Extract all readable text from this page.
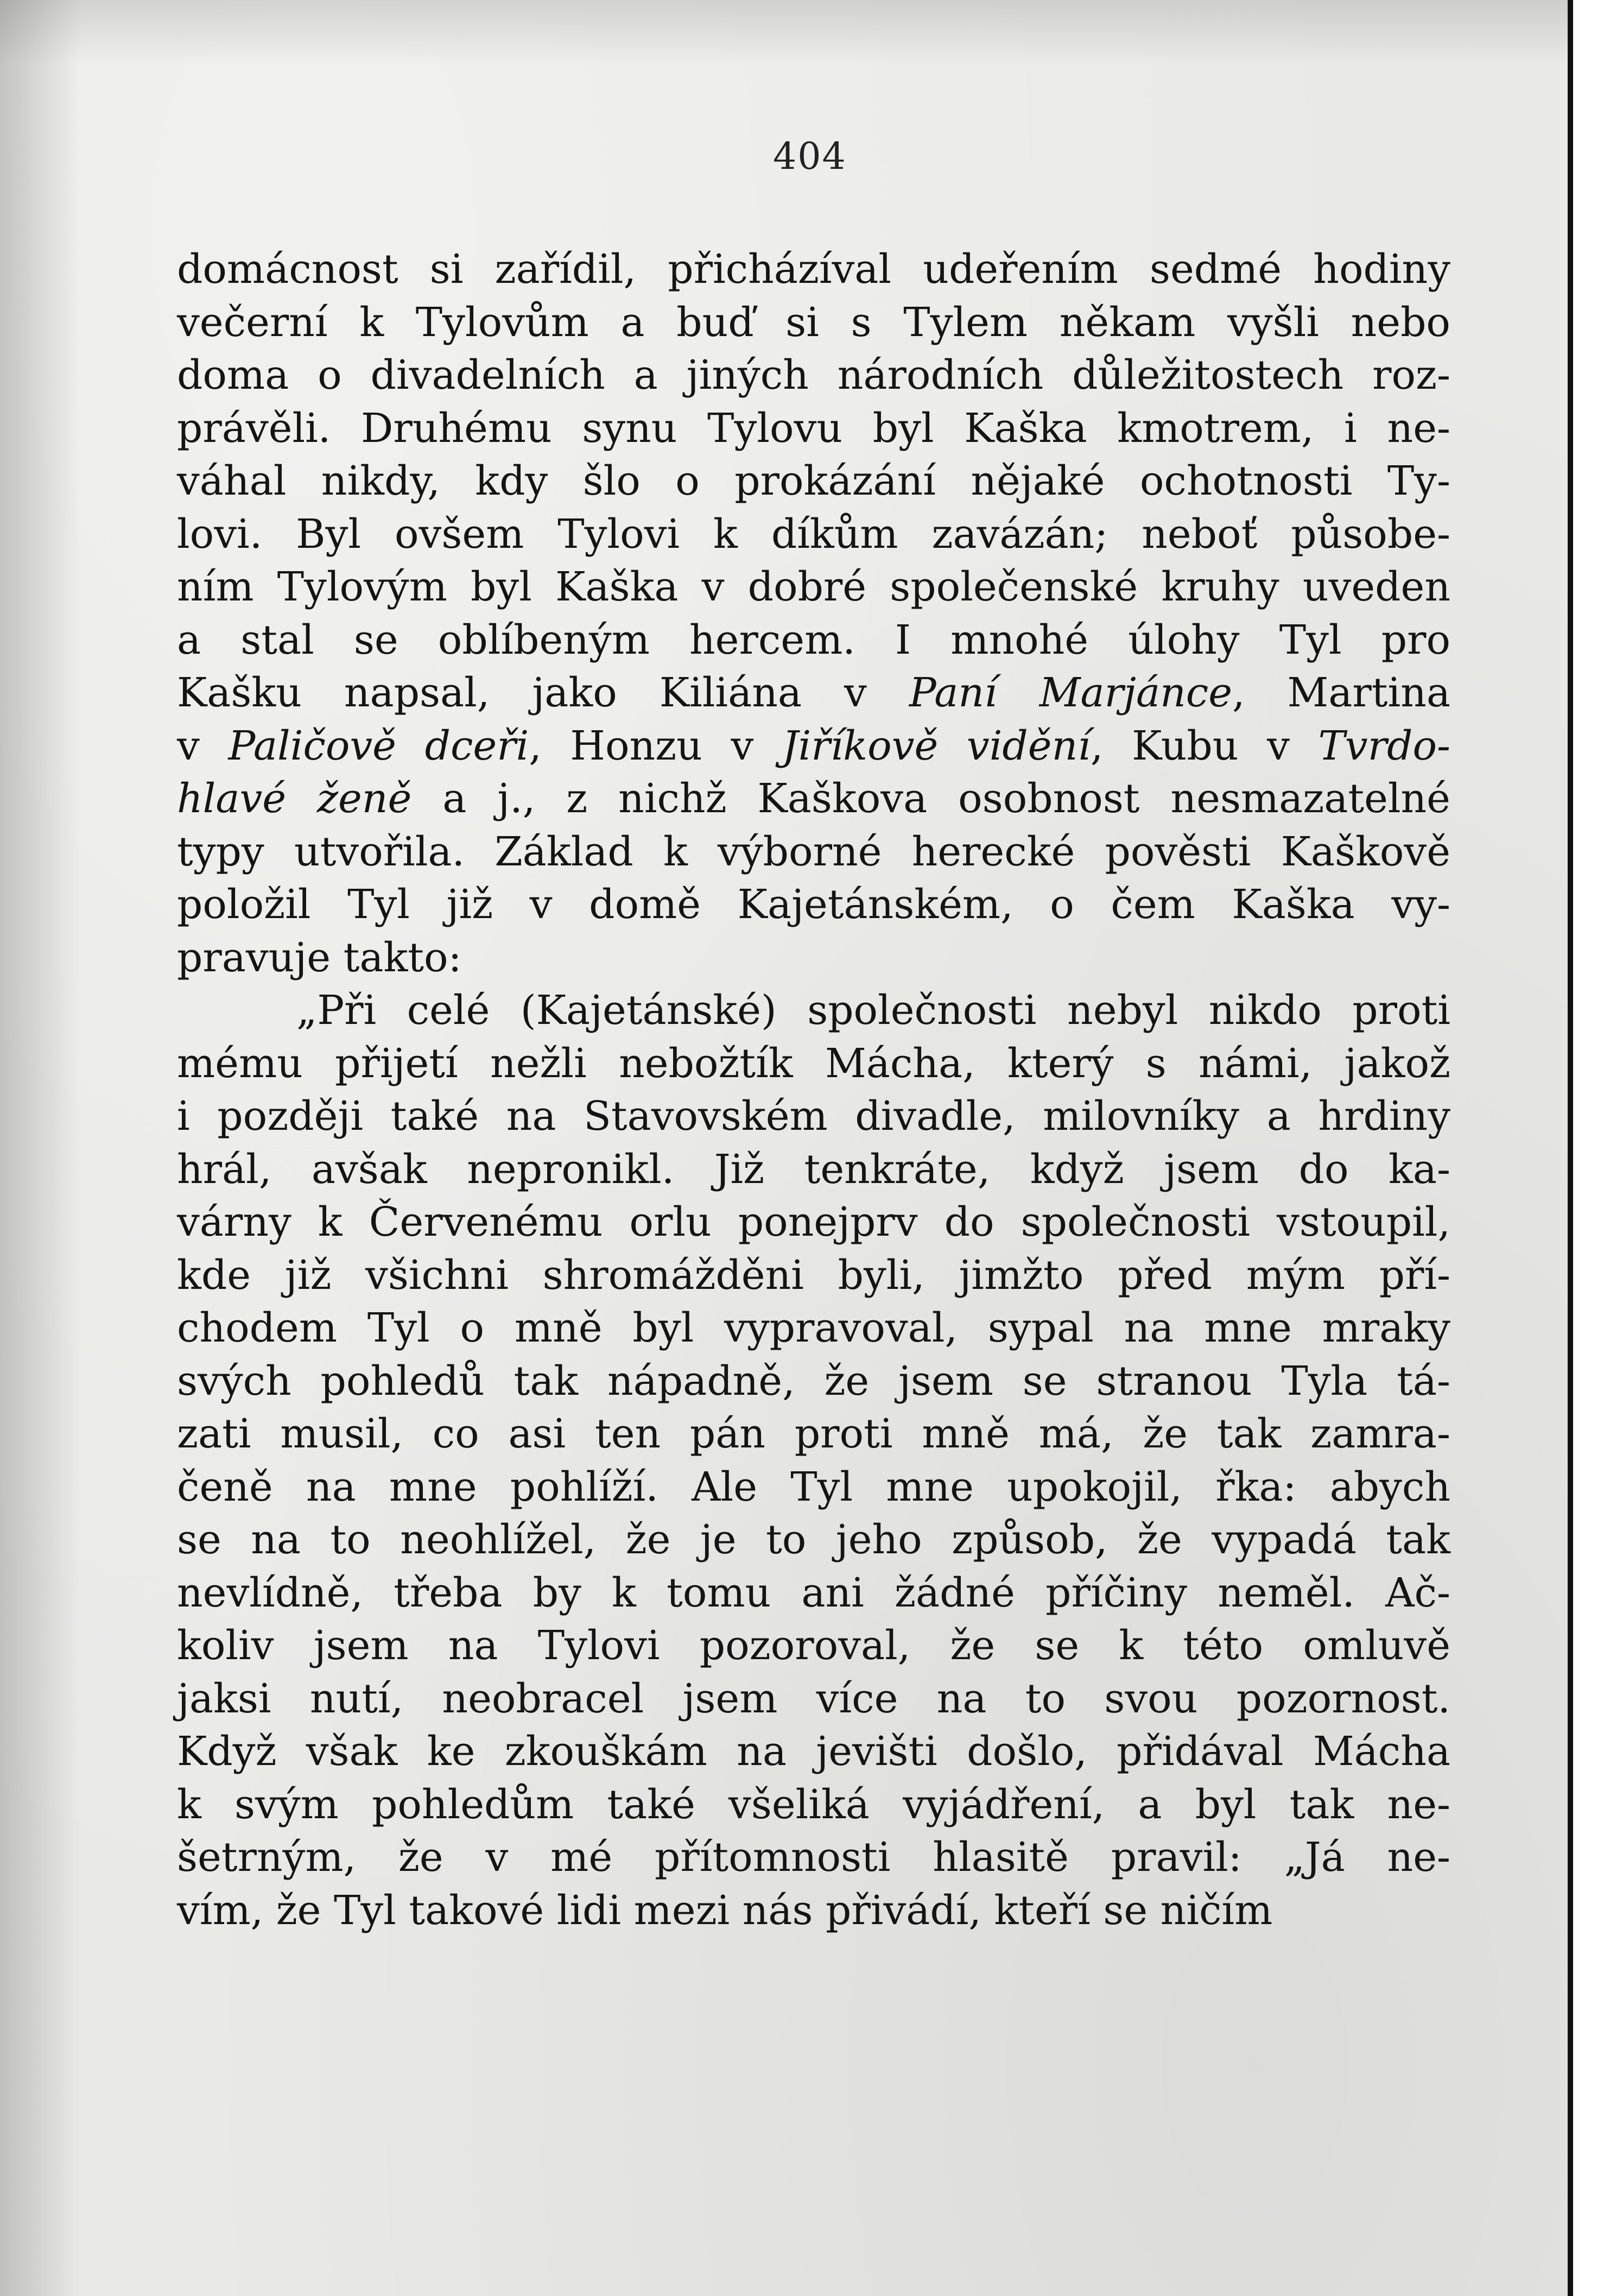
404
domácnost si zařídil, přicházíval udeřením sedmé hodiny
večerní k Tylovům a buď si s Tylem někam vyšli nebo
doma o divadelních a jiných národních důležitostech roz-
právěli. Druhému synu Tylovu byl Kaška kmotrem, i ne-
váhal nikdy, kdy šlo o prokázání nějaké ochotnosti Ty-
lovi. Byl ovšem Tylovi k díkům zavázán; neboť působe-
ním Tylovým byl Kaška v dobré společenské kruhy uveden
a stal se oblíbeným hercem. I mnohé úlohy Tyl pro
Kašku napsal, jako Kiliána v Paní Marjánce, Martina
v Paličově dceři, Honzu v Jiříkově vidění, Kubu v Tvrdo-
hlavé ženě a j., z nichž Kaškova osobnost nesmazatelné
typy utvořila. Základ k výborné herecké pověsti Kaškově
položil Tyl již v domě Kajetánském, o čem Kaška vy-
pravuje takto:
„Při celé (Kajetánské) společnosti nebyl nikdo proti
mému přijetí nežli nebožtík Mácha, který s námi, jakož
i později také na Stavovském divadle, milovníky a hrdiny
hrál, avšak nepronikl. Již tenkráte, když jsem do ka-
várny k Červenému orlu ponejprv do společnosti vstoupil,
kde již všichni shromážděni byli, jimžto před mým pří-
chodem Tyl o mně byl vypravoval, sypal na mne mraky
svých pohledů tak nápadně, že jsem se stranou Tyla tá-
zati musil, co asi ten pán proti mně má, že tak zamra-
čeně na mne pohlíží. Ale Tyl mne upokojil, řka: abych
se na to neohlížel, že je to jeho způsob, že vypadá tak
nevlídně, třeba by k tomu ani žádné příčiny neměl. Ač-
koliv jsem na Tylovi pozoroval, že se k této omluvě
jaksi nutí, neobracel jsem více na to svou pozornost.
Když však ke zkouškám na jevišti došlo, přidával Mácha
k svým pohledům také všeliká vyjádření, a byl tak ne-
šetrným, že v mé přítomnosti hlasitě pravil: „Já ne-
vím, že Tyl takové lidi mezi nás přivádí, kteří se ničím
